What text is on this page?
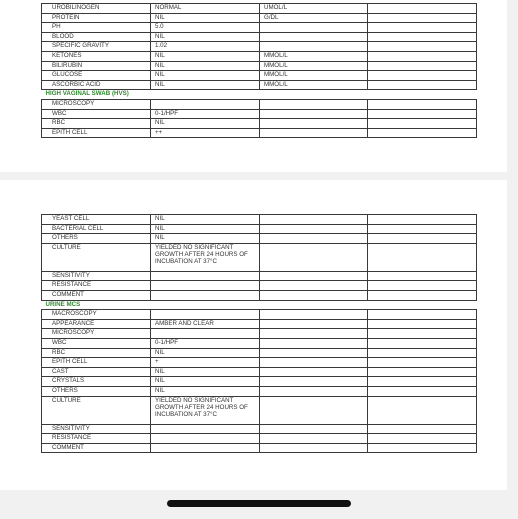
UROBILINOGEN	NORMAL	UMOL/L	
PROTEIN	NIL	G/DL	
PH	5.0		
BLOOD	NIL		
SPECIFIC GRAVITY	1.02		
KETONES	NIL	MMOL/L	
BILIRUBIN	NIL	MMOL/L	
GLUCOSE	NIL	MMOL/L	
ASCORBIC ACID	NIL	MMOL/L	
HIGH VAGINAL SWAB (HVS)			
MICROSCOPY			
WBC	0-1/HPF		
RBC	NIL		
EPITH CELL	++		
YEAST CELL	NIL		
BACTERIAL CELL	NIL		
OTHERS	NIL		
CULTURE	YIELDED NO SIGNIFICANT GROWTH AFTER 24 HOURS OF INCUBATION AT 37°C		
SENSITIVITY			
RESISTANCE			
COMMENT			
URINE MCS			
MACROSCOPY			
APPEARANCE	AMBER AND CLEAR		
MICROSCOPY			
WBC	0-1/HPF		
RBC	NIL		
EPITH CELL	+		
CAST	NIL		
CRYSTALS	NIL		
OTHERS	NIL		
CULTURE	YIELDED NO SIGNIFICANT GROWTH AFTER 24 HOURS OF INCUBATION AT 37°C		
SENSITIVITY			
RESISTANCE			
COMMENT			
